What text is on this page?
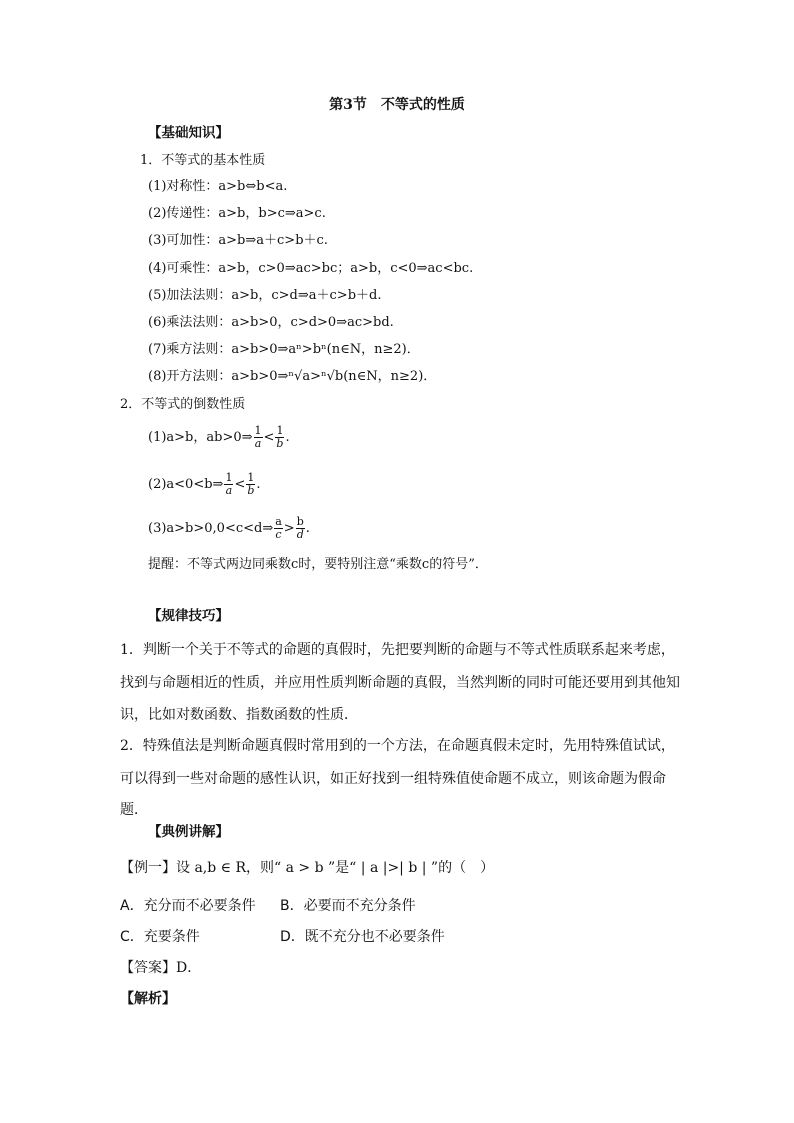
第3节　不等式的性质
【基础知识】
1．不等式的基本性质
(1)对称性：a>b⇔b<a.
(2)传递性：a>b，b>c⇒a>c.
(3)可加性：a>b⇒a＋c>b＋c.
(4)可乘性：a>b，c>0⇒ac>bc；a>b，c<0⇒ac<bc.
(5)加法法则：a>b，c>d⇒a＋c>b＋d.
(6)乘法法则：a>b>0，c>d>0⇒ac>bd.
(7)乘方法则：a>b>0⇒aⁿ>bⁿ(n∈N，n≥2)．
(8)开方法则：a>b>0⇒ⁿ√a>ⁿ√b(n∈N，n≥2)．
2．不等式的倒数性质
(1)a>b，ab>0⇒ $\frac{1}{a} < \frac{1}{b}$ .
(2)a<0<b⇒ $\frac{1}{a} < \frac{1}{b}$ .
(3)a>b>0,0<c<d⇒ $\frac{a}{c} > \frac{b}{d}$ .
提醒：不等式两边同乘数c时，要特别注意“乘数c的符号”．
【规律技巧】
1．判断一个关于不等式的命题的真假时，先把要判断的命题与不等式性质联系起来考虑，
找到与命题相近的性质，并应用性质判断命题的真假，当然判断的同时可能还要用到其他知
识，比如对数函数、指数函数的性质．
2．特殊值法是判断命题真假时常用到的一个方法，在命题真假未定时，先用特殊值试试，
可以得到一些对命题的感性认识，如正好找到一组特殊值使命题不成立，则该命题为假命
题．
【典例讲解】
【例一】设 a,b ∈ R，则“ a > b ”是“ | a |>| b | ”的（　）
A．充分而不必要条件 B．必要而不充分条件
C．充要条件	D．既不充分也不必要条件
【答案】D．
【解析】
